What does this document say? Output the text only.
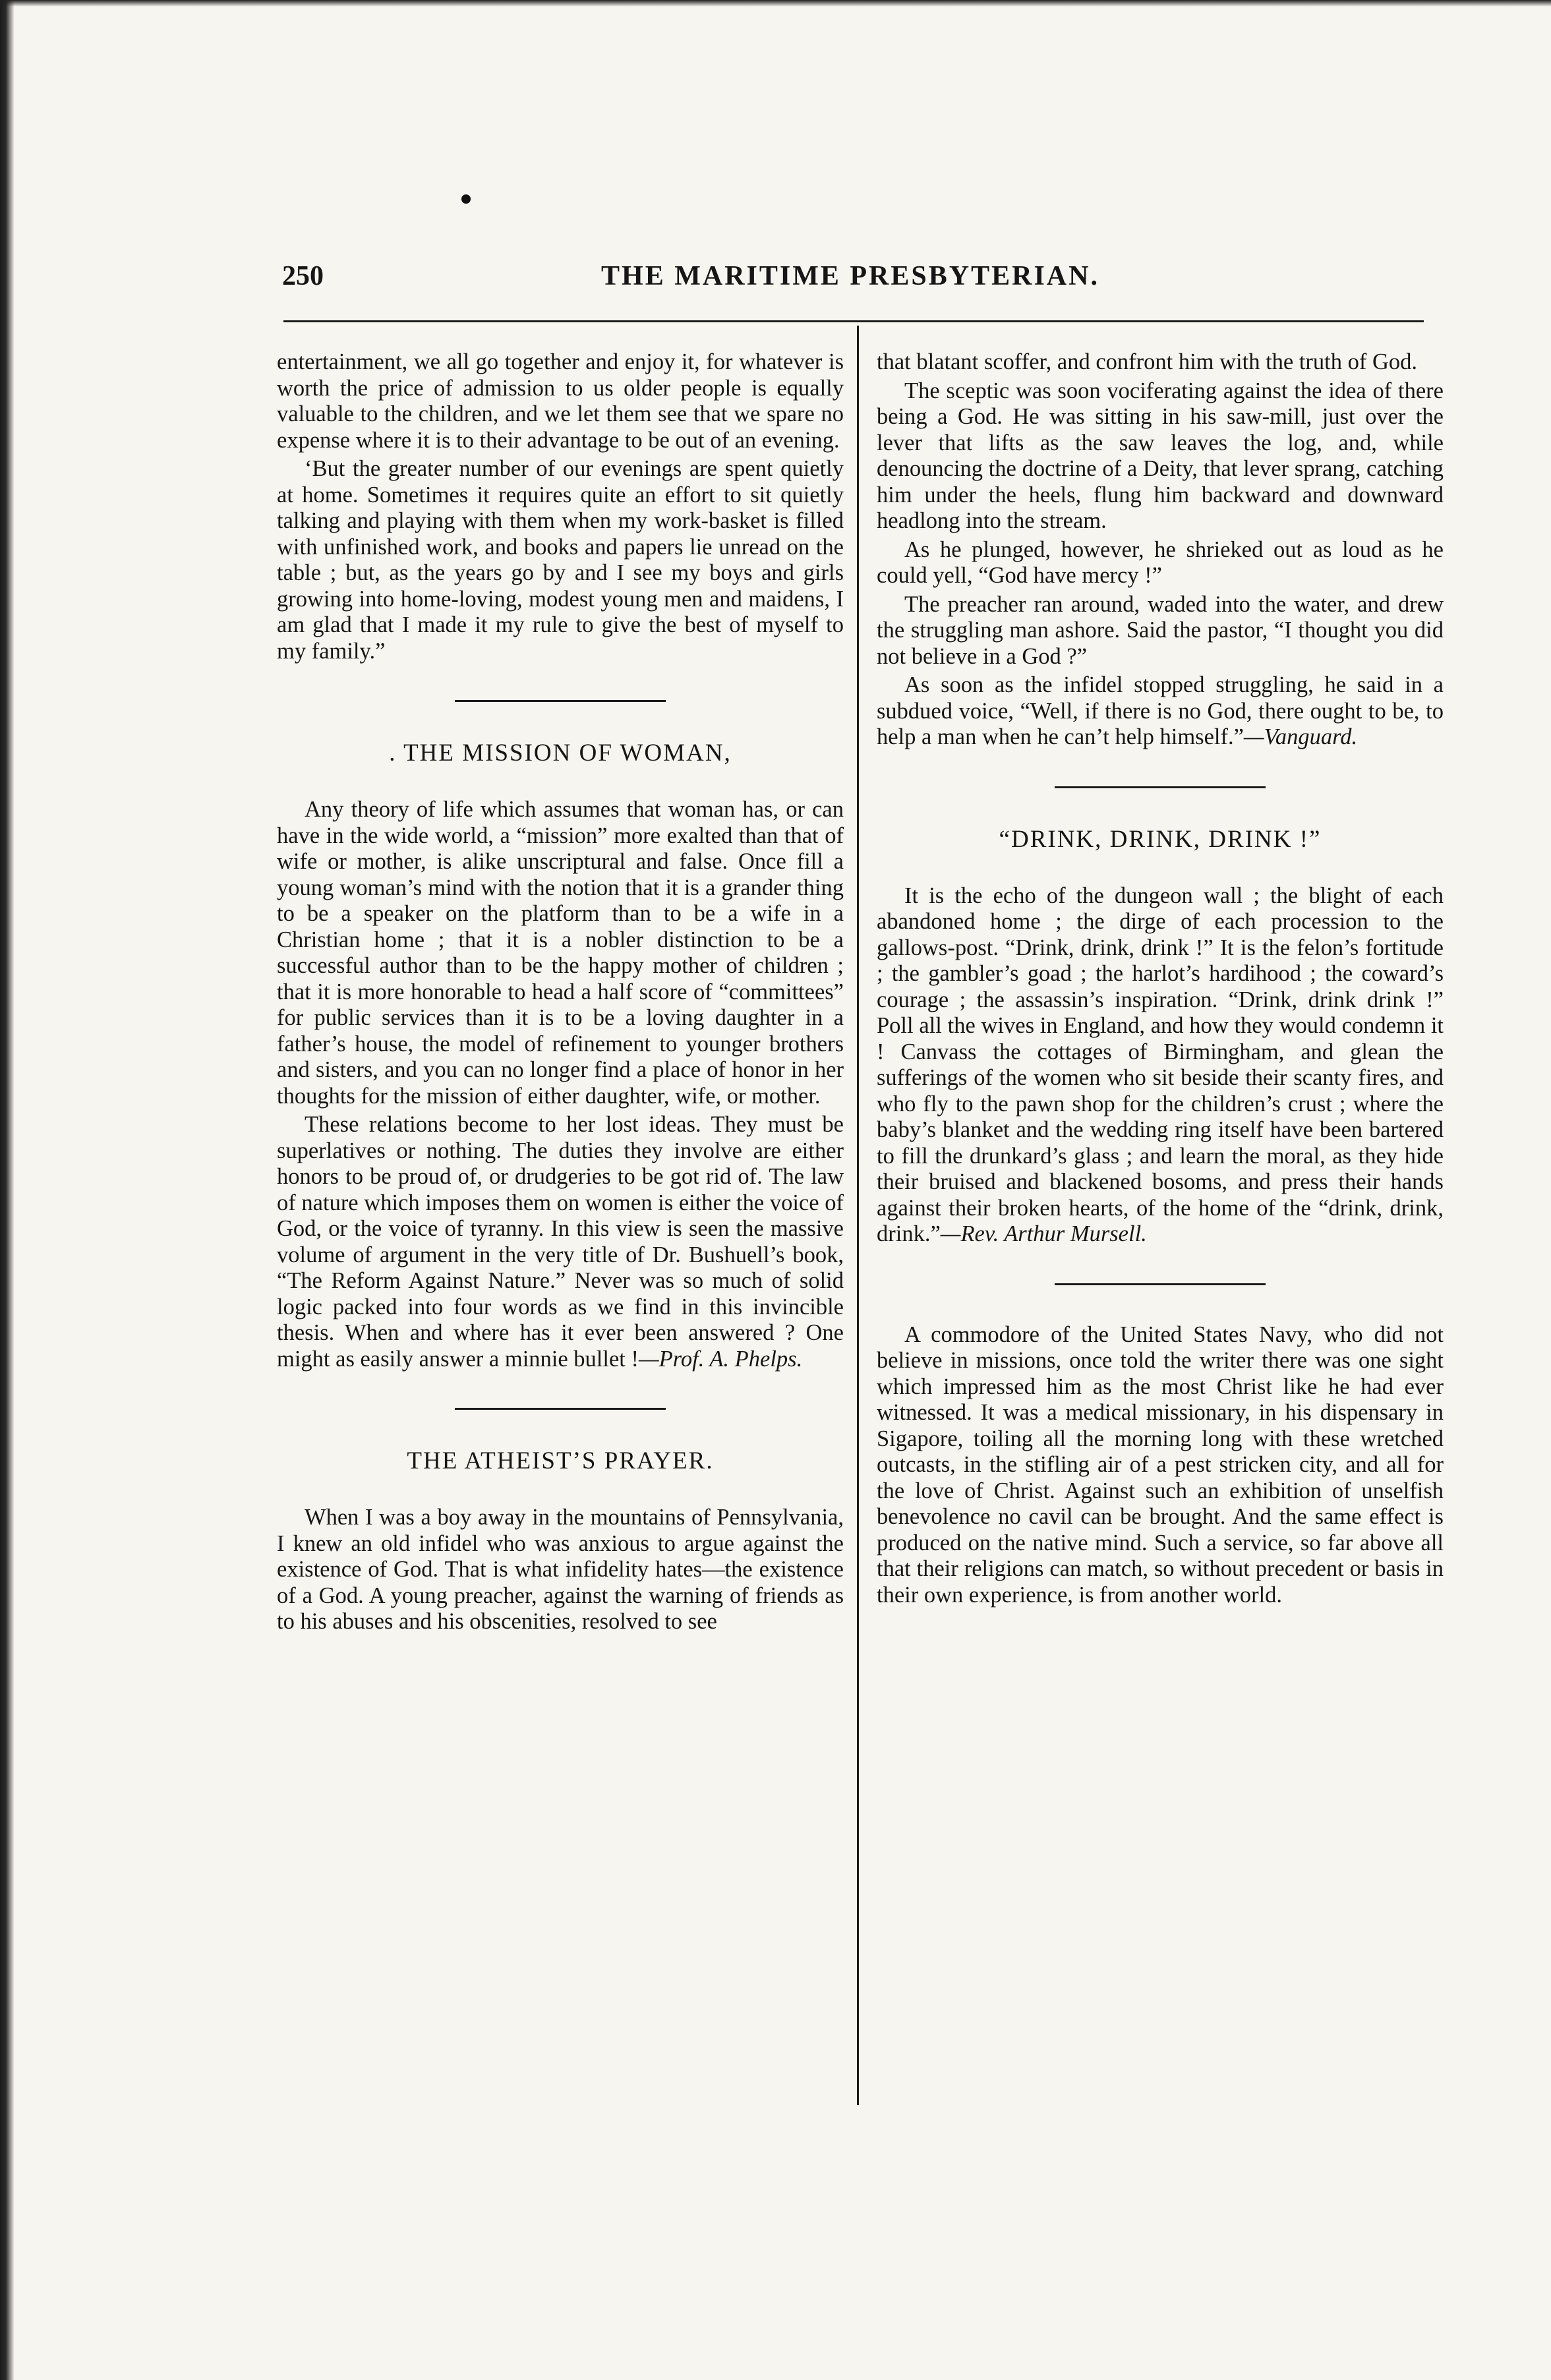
250	THE MARITIME PRESBYTERIAN.

entertainment, we all go together and enjoy it, for whatever is worth the price of admission to us older people is equally valuable to the children, and we let them see that we spare no expense where it is to their advantage to be out of an evening.

‘But the greater number of our evenings are spent quietly at home. Sometimes it requires quite an effort to sit quietly talking and playing with them when my work-basket is filled with unfinished work, and books and papers lie unread on the table ; but, as the years go by and I see my boys and girls growing into home-loving, modest young men and maidens, I am glad that I made it my rule to give the best of myself to my family.”

. THE MISSION OF WOMAN,

Any theory of life which assumes that woman has, or can have in the wide world, a “mission” more exalted than that of wife or mother, is alike unscriptural and false. Once fill a young woman’s mind with the notion that it is a grander thing to be a speaker on the platform than to be a wife in a Christian home ; that it is a nobler distinction to be a successful author than to be the happy mother of children ; that it is more honorable to head a half score of “committees” for public services than it is to be a loving daughter in a father’s house, the model of refinement to younger brothers and sisters, and you can no longer find a place of honor in her thoughts for the mission of either daughter, wife, or mother.

These relations become to her lost ideas. They must be superlatives or nothing. The duties they involve are either honors to be proud of, or drudgeries to be got rid of. The law of nature which imposes them on women is either the voice of God, or the voice of tyranny. In this view is seen the massive volume of argument in the very title of Dr. Bushuell’s book, “The Reform Against Nature.” Never was so much of solid logic packed into four words as we find in this invincible thesis. When and where has it ever been answered ? One might as easily answer a minnie bullet !—Prof. A. Phelps.

THE ATHEIST’S PRAYER.

When I was a boy away in the mountains of Pennsylvania, I knew an old infidel who was anxious to argue against the existence of God. That is what infidelity hates—the existence of a God. A young preacher, against the warning of friends as to his abuses and his obscenities, resolved to see

that blatant scoffer, and confront him with the truth of God.

The sceptic was soon vociferating against the idea of there being a God. He was sitting in his saw-mill, just over the lever that lifts as the saw leaves the log, and, while denouncing the doctrine of a Deity, that lever sprang, catching him under the heels, flung him backward and downward headlong into the stream.

As he plunged, however, he shrieked out as loud as he could yell, “God have mercy !”

The preacher ran around, waded into the water, and drew the struggling man ashore. Said the pastor, “I thought you did not believe in a God ?”

As soon as the infidel stopped struggling, he said in a subdued voice, “Well, if there is no God, there ought to be, to help a man when he can’t help himself.”—Vanguard.

“DRINK, DRINK, DRINK !”

It is the echo of the dungeon wall ; the blight of each abandoned home ; the dirge of each procession to the gallows-post. “Drink, drink, drink !” It is the felon’s fortitude ; the gambler’s goad ; the harlot’s hardihood ; the coward’s courage ; the assassin’s inspiration. “Drink, drink drink !” Poll all the wives in England, and how they would condemn it ! Canvass the cottages of Birmingham, and glean the sufferings of the women who sit beside their scanty fires, and who fly to the pawn shop for the children’s crust ; where the baby’s blanket and the wedding ring itself have been bartered to fill the drunkard’s glass ; and learn the moral, as they hide their bruised and blackened bosoms, and press their hands against their broken hearts, of the home of the “drink, drink, drink.”—Rev. Arthur Mursell.

A commodore of the United States Navy, who did not believe in missions, once told the writer there was one sight which impressed him as the most Christ like he had ever witnessed. It was a medical missionary, in his dispensary in Sigapore, toiling all the morning long with these wretched outcasts, in the stifling air of a pest stricken city, and all for the love of Christ. Against such an exhibition of unselfish benevolence no cavil can be brought. And the same effect is produced on the native mind. Such a service, so far above all that their religions can match, so without precedent or basis in their own experience, is from another world.
